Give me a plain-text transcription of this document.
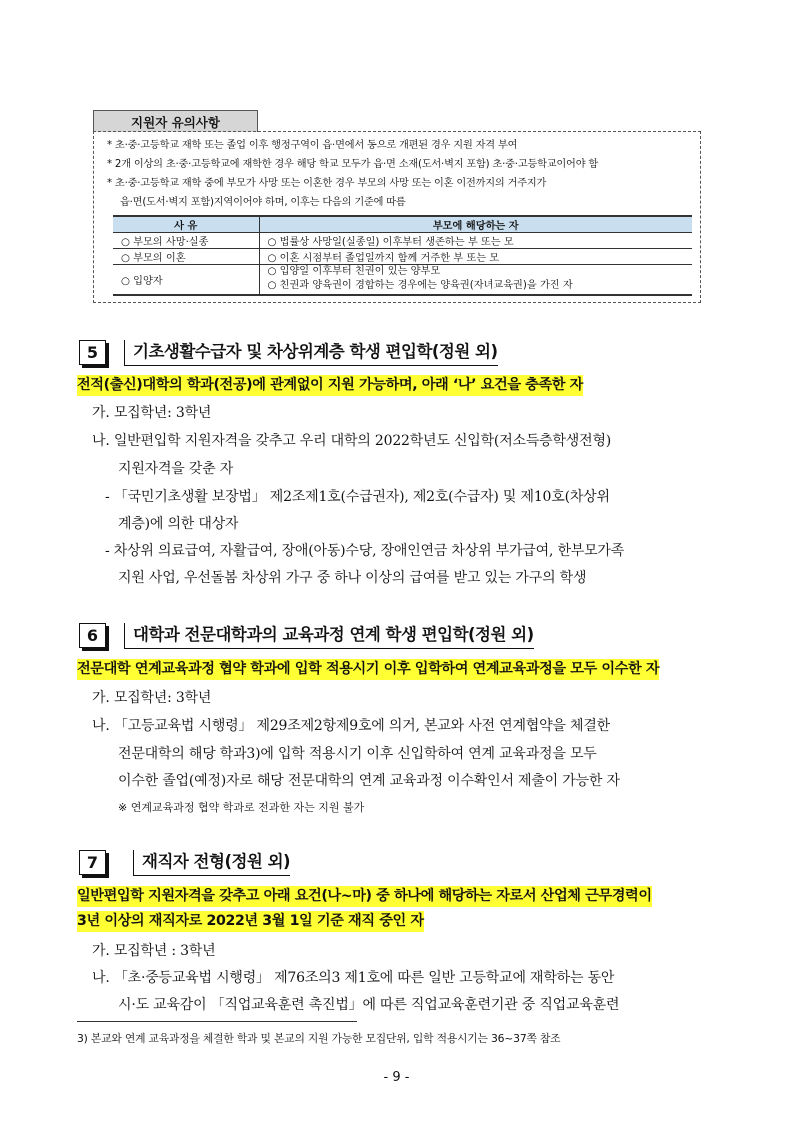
지원자 유의사항
* 초·중·고등학교 재학 또는 졸업 이후 행정구역이 읍·면에서 동으로 개편된 경우 지원 자격 부여
* 2개 이상의 초·중·고등학교에 재학한 경우 해당 학교 모두가 읍·면 소재(도서·벽지 포함) 초·중·고등학교이어야 함
* 초·중·고등학교 재학 중에 부모가 사망 또는 이혼한 경우 부모의 사망 또는 이혼 이전까지의 거주지가
읍·면(도서·벽지 포함)지역이어야 하며, 이후는 다음의 기준에 따름
사 유	부모에 해당하는 자
○ 부모의 사망·실종	○ 법률상 사망일(실종일) 이후부터 생존하는 부 또는 모
○ 부모의 이혼	○ 이혼 시점부터 졸업일까지 함께 거주한 부 또는 모
○ 입양자	○ 입양일 이후부터 친권이 있는 양부모
○ 친권과 양육권이 경합하는 경우에는 양육권(자녀교육권)을 가진 자
5	기초생활수급자 및 차상위계층 학생 편입학(정원 외)
전적(출신)대학의 학과(전공)에 관계없이 지원 가능하며, 아래 ‘나’ 요건을 충족한 자
가. 모집학년: 3학년
나. 일반편입학 지원자격을 갖추고 우리 대학의 2022학년도 신입학(저소득층학생전형)
지원자격을 갖춘 자
- 「국민기초생활 보장법」 제2조제1호(수급권자), 제2호(수급자) 및 제10호(차상위
계층)에 의한 대상자
- 차상위 의료급여, 자활급여, 장애(아동)수당, 장애인연금 차상위 부가급여, 한부모가족
지원 사업, 우선돌봄 차상위 가구 중 하나 이상의 급여를 받고 있는 가구의 학생
6	대학과 전문대학과의 교육과정 연계 학생 편입학(정원 외)
전문대학 연계교육과정 협약 학과에 입학 적용시기 이후 입학하여 연계교육과정을 모두 이수한 자
가. 모집학년: 3학년
나. 「고등교육법 시행령」 제29조제2항제9호에 의거, 본교와 사전 연계협약을 체결한
전문대학의 해당 학과3)에 입학 적용시기 이후 신입학하여 연계 교육과정을 모두
이수한 졸업(예정)자로 해당 전문대학의 연계 교육과정 이수확인서 제출이 가능한 자
※ 연계교육과정 협약 학과로 전과한 자는 지원 불가
7	재직자 전형(정원 외)
일반편입학 지원자격을 갖추고 아래 요건(나~마) 중 하나에 해당하는 자로서 산업체 근무경력이
3년 이상의 재직자로 2022년 3월 1일 기준 재직 중인 자
가. 모집학년 : 3학년
나. 「초·중등교육법 시행령」 제76조의3 제1호에 따른 일반 고등학교에 재학하는 동안
시·도 교육감이 「직업교육훈련 촉진법」에 따른 직업교육훈련기관 중 직업교육훈련
3) 본교와 연계 교육과정을 체결한 학과 및 본교의 지원 가능한 모집단위, 입학 적용시기는 36~37쪽 참조
- 9 -
